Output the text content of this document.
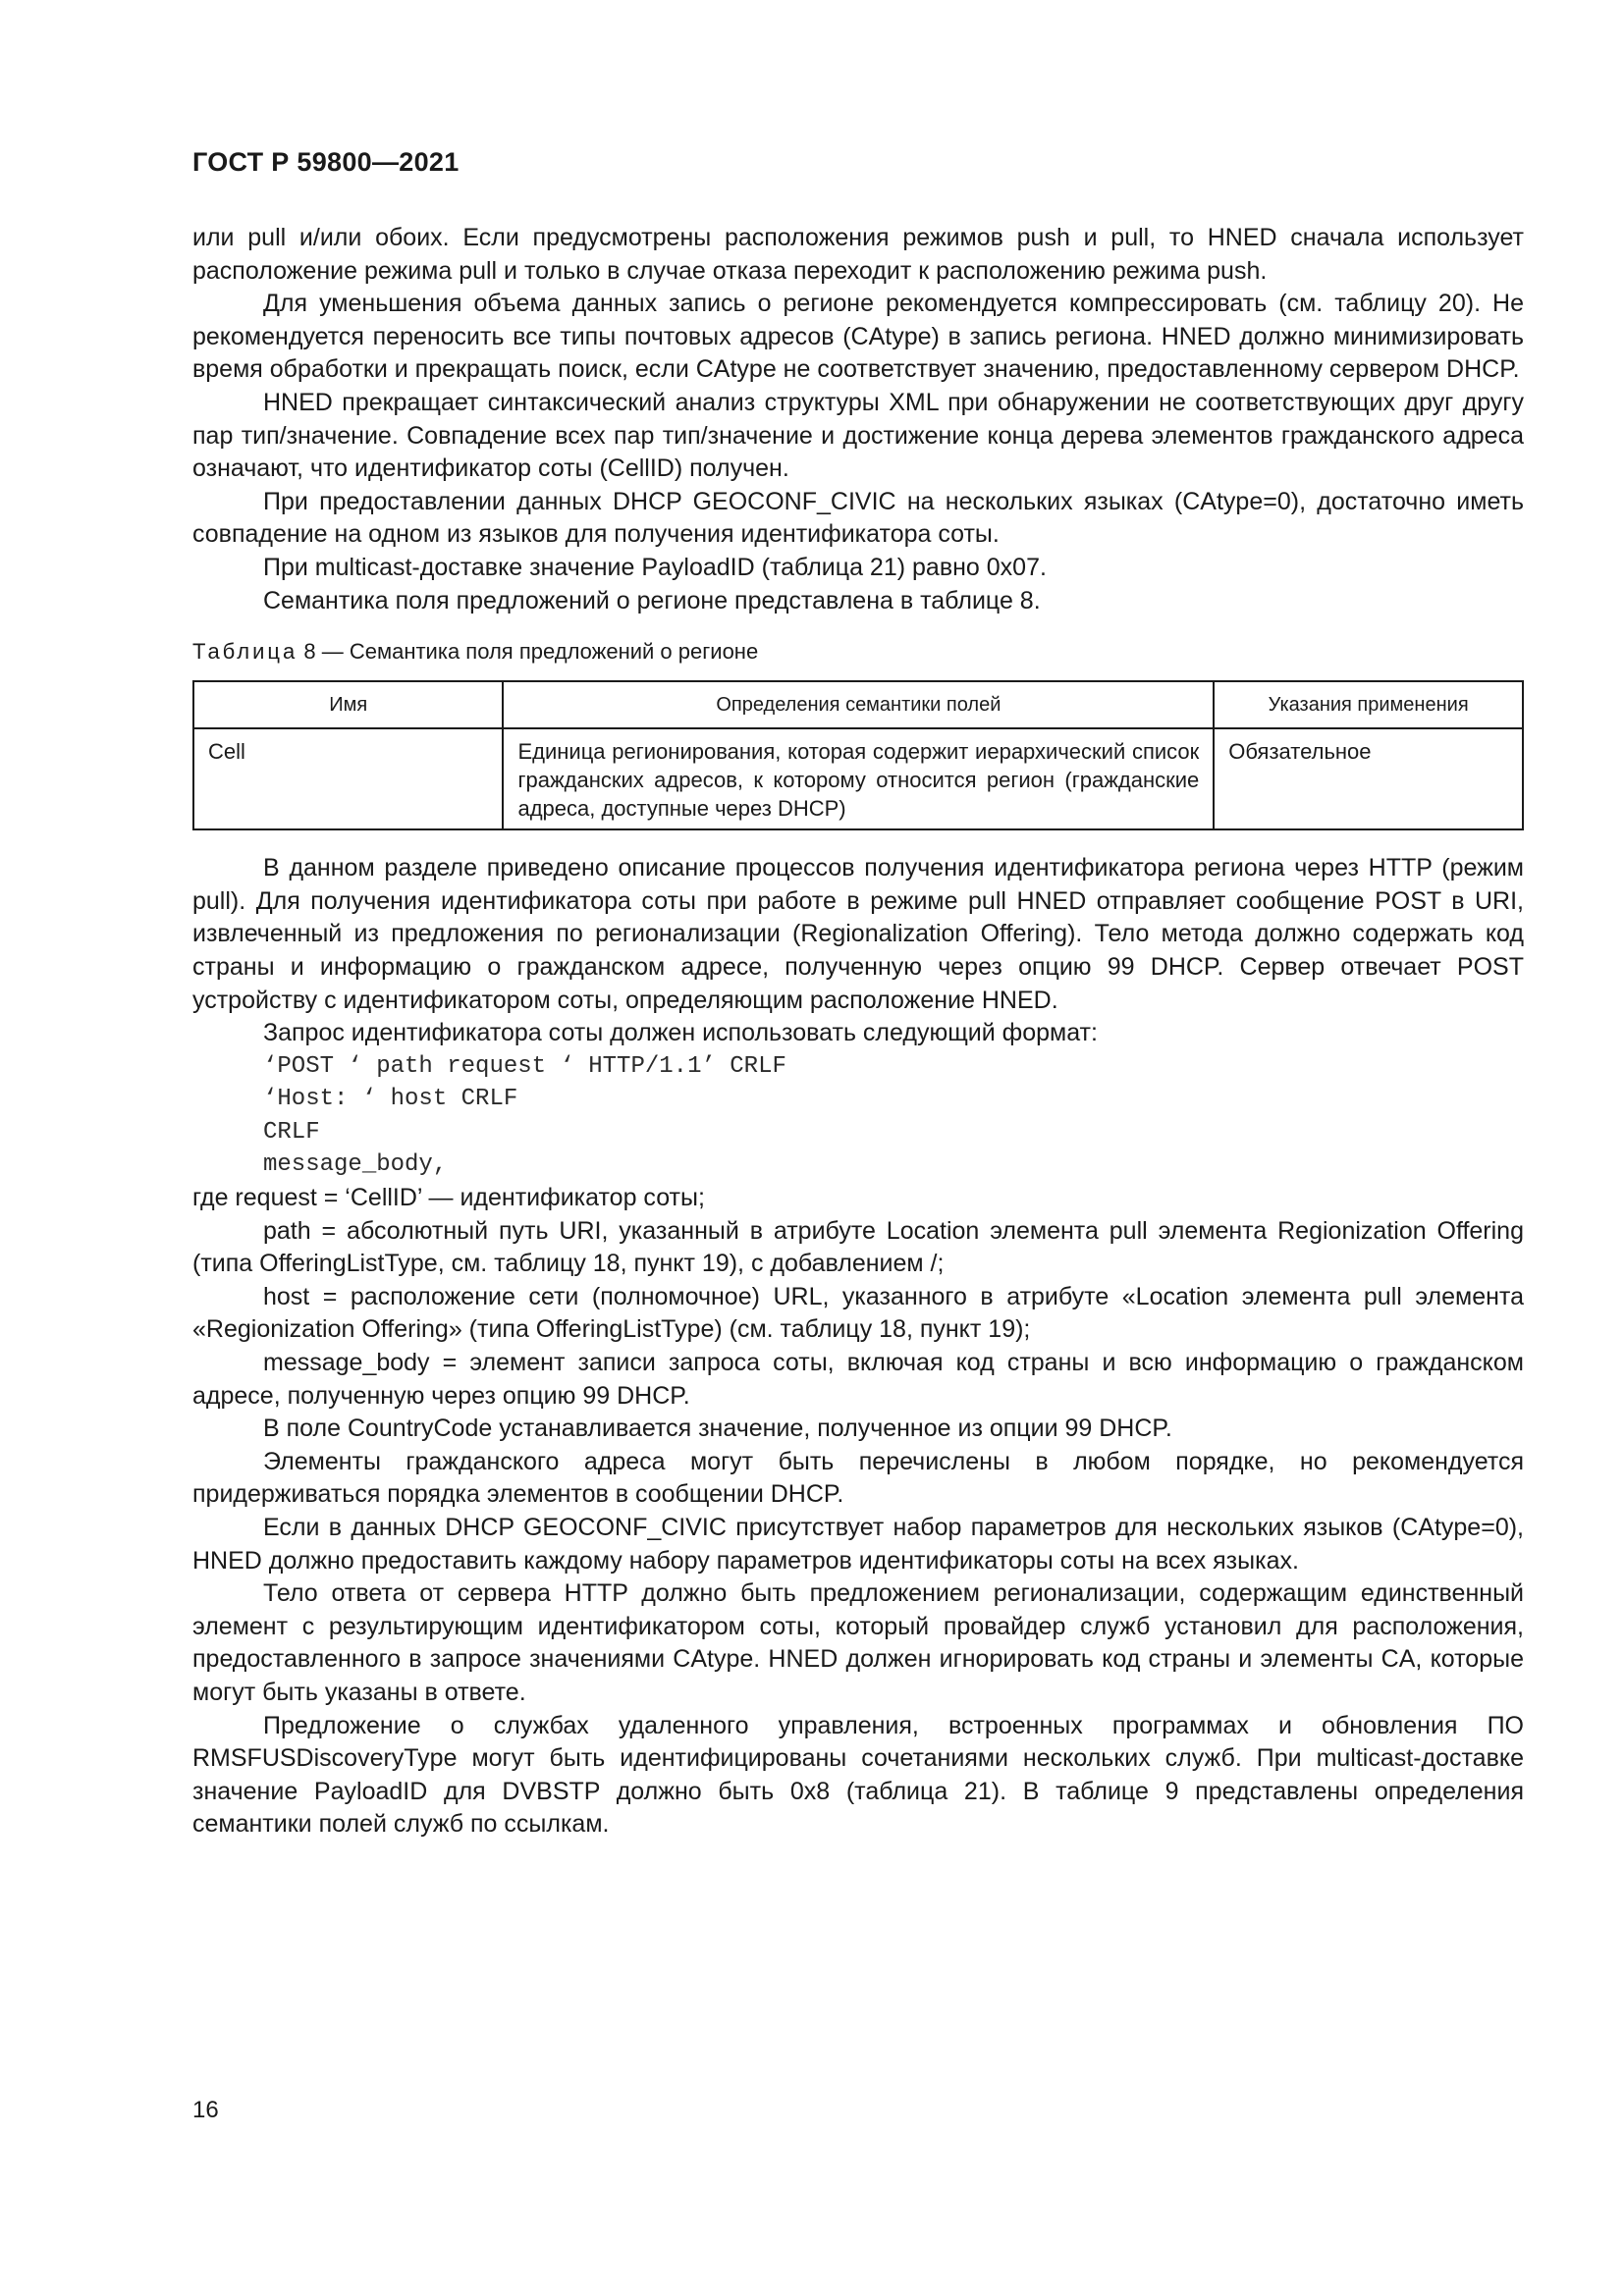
ГОСТ Р 59800—2021

или pull и/или обоих. Если предусмотрены расположения режимов push и pull, то HNED сначала использует расположение режима pull и только в случае отказа переходит к расположению режима push.

Для уменьшения объема данных запись о регионе рекомендуется компрессировать (см. таблицу 20). Не рекомендуется переносить все типы почтовых адресов (CAtype) в запись региона. HNED должно минимизировать время обработки и прекращать поиск, если CAtype не соответствует значению, предоставленному сервером DHCP.

HNED прекращает синтаксический анализ структуры XML при обнаружении не соответствующих друг другу пар тип/значение. Совпадение всех пар тип/значение и достижение конца дерева элементов гражданского адреса означают, что идентификатор соты (CellID) получен.

При предоставлении данных DHCP GEOCONF_CIVIC на нескольких языках (CAtype=0), достаточно иметь совпадение на одном из языков для получения идентификатора соты.

При multicast-доставке значение PayloadID (таблица 21) равно 0x07.

Семантика поля предложений о регионе представлена в таблице 8.

Таблица 8 — Семантика поля предложений о регионе

Имя	Определения семантики полей	Указания применения
Cell	Единица регионирования, которая содержит иерархический список гражданских адресов, к которому относится регион (гражданские адреса, доступные через DHCP)	Обязательное

В данном разделе приведено описание процессов получения идентификатора региона через HTTP (режим pull). Для получения идентификатора соты при работе в режиме pull HNED отправляет сообщение POST в URI, извлеченный из предложения по регионализации (Regionalization Offering). Тело метода должно содержать код страны и информацию о гражданском адресе, полученную через опцию 99 DHCP. Сервер отвечает POST устройству с идентификатором соты, определяющим расположение HNED.

Запрос идентификатора соты должен использовать следующий формат:

‘POST ‘ path request ‘ HTTP/1.1’ CRLF
‘Host: ‘ host CRLF
CRLF
message_body,

где request = ‘CellID’ — идентификатор соты;

path = абсолютный путь URI, указанный в атрибуте Location элемента pull элемента Regionization Offering (типа OfferingListType, см. таблицу 18, пункт 19), с добавлением /;

host = расположение сети (полномочное) URL, указанного в атрибуте «Location элемента pull элемента «Regionization Offering» (типа OfferingListType) (см. таблицу 18, пункт 19);

message_body = элемент записи запроса соты, включая код страны и всю информацию о гражданском адресе, полученную через опцию 99 DHCP.

В поле CountryCode устанавливается значение, полученное из опции 99 DHCP.

Элементы гражданского адреса могут быть перечислены в любом порядке, но рекомендуется придерживаться порядка элементов в сообщении DHCP.

Если в данных DHCP GEOCONF_CIVIC присутствует набор параметров для нескольких языков (CAtype=0), HNED должно предоставить каждому набору параметров идентификаторы соты на всех языках.

Тело ответа от сервера HTTP должно быть предложением регионализации, содержащим единственный элемент с результирующим идентификатором соты, который провайдер служб установил для расположения, предоставленного в запросе значениями CAtype. HNED должен игнорировать код страны и элементы CA, которые могут быть указаны в ответе.

Предложение о службах удаленного управления, встроенных программах и обновления ПО RMSFUSDiscoveryType могут быть идентифицированы сочетаниями нескольких служб. При multicast-доставке значение PayloadID для DVBSTP должно быть 0x8 (таблица 21). В таблице 9 представлены определения семантики полей служб по ссылкам.

16
